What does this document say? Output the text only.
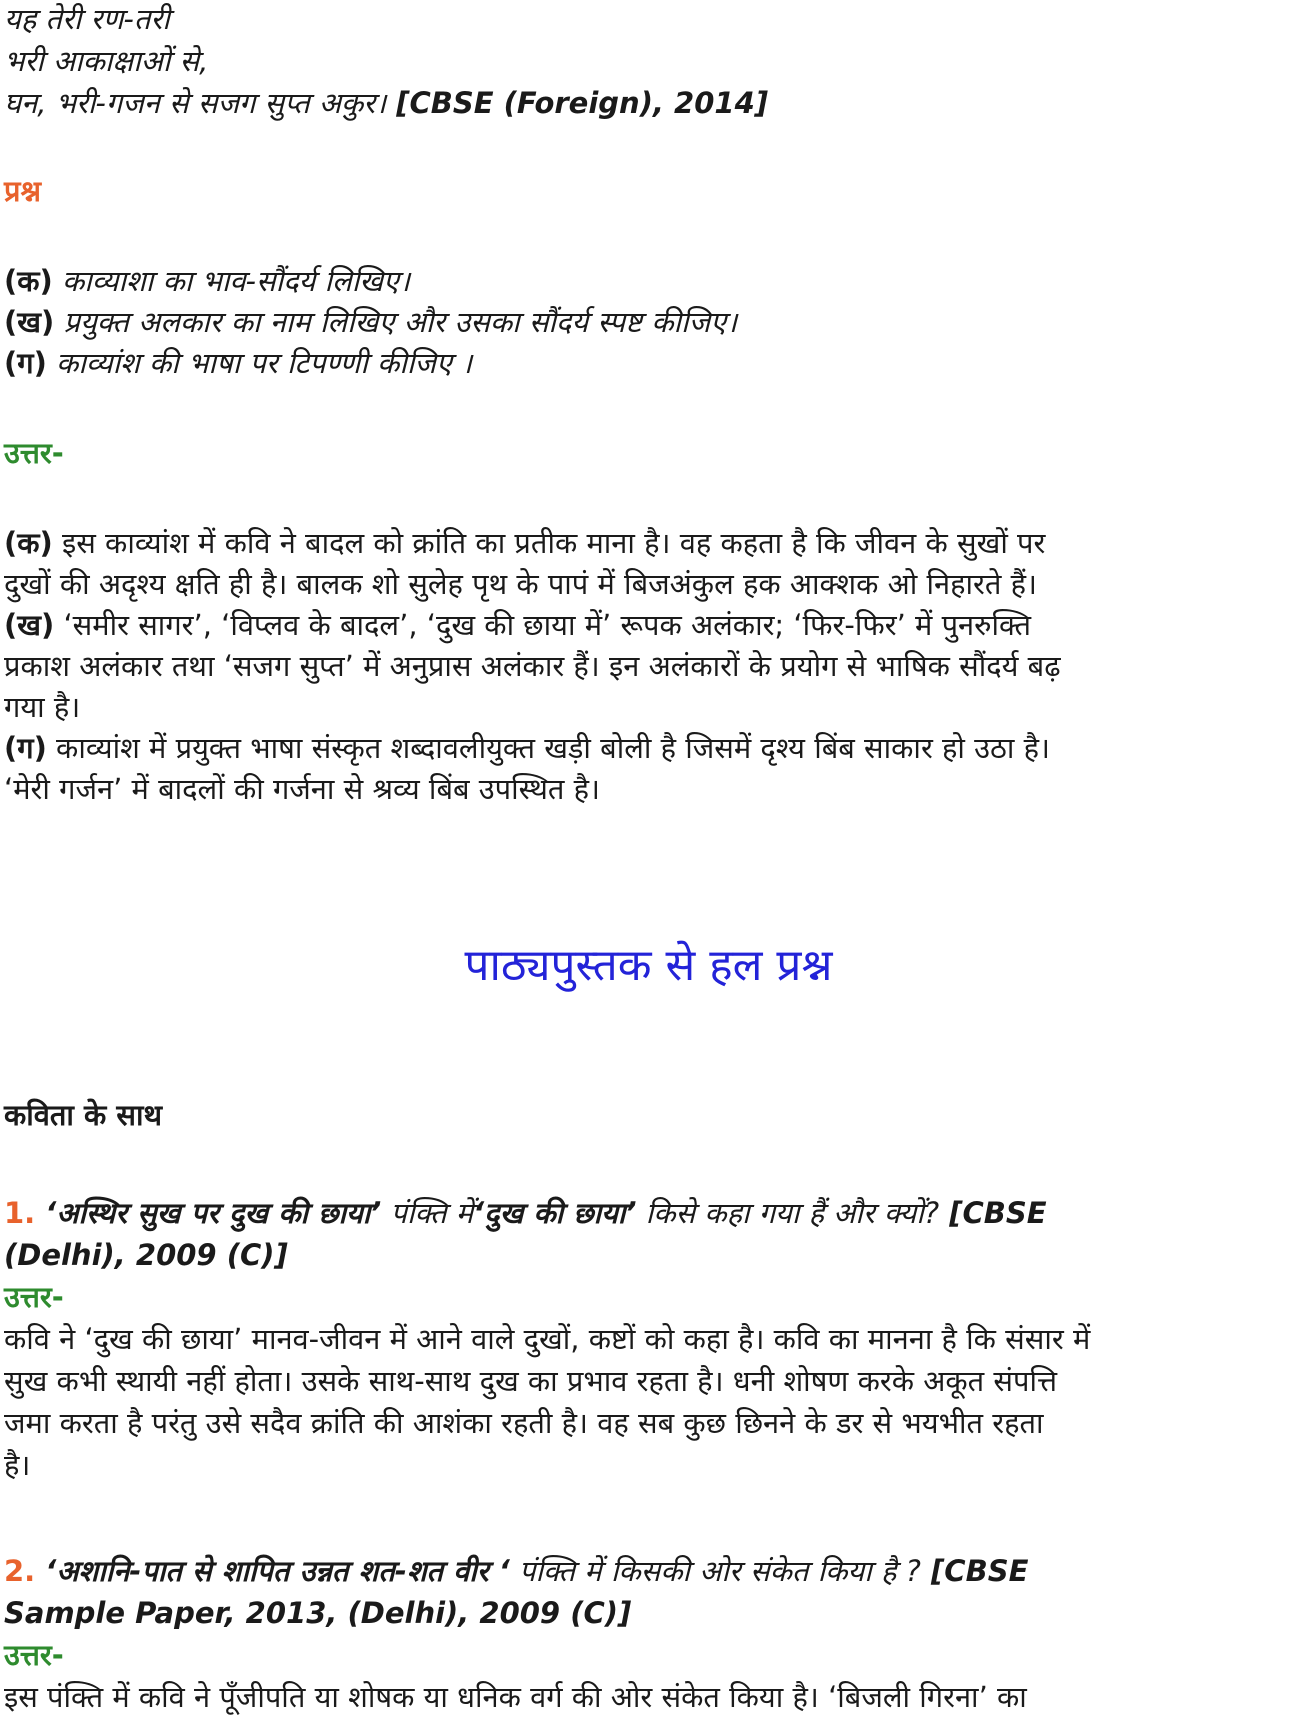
यह तेरी रण-तरी
भरी आकाक्षाओं से,
घन, भरी-गजन से सजग सुप्त अकुर। [CBSE (Foreign), 2014]
प्रश्न
(क) काव्याशा का भाव-सौंदर्य लिखिए।
(ख) प्रयुक्त अलकार का नाम लिखिए और उसका सौंदर्य स्पष्ट कीजिए।
(ग) काव्यांश की भाषा पर टिपण्णी कीजिए ।
उत्तर-
(क) इस काव्यांश में कवि ने बादल को क्रांति का प्रतीक माना है। वह कहता है कि जीवन के सुखों पर
दुखों की अदृश्य क्षति ही है। बालक शो सुलेह पृथ के पापं में बिजअंकुल हक आक्शक ओ निहारते हैं।
(ख) ‘समीर सागर’, ‘विप्लव के बादल’, ‘दुख की छाया में’ रूपक अलंकार; ‘फिर-फिर’ में पुनरुक्ति
प्रकाश अलंकार तथा ‘सजग सुप्त’ में अनुप्रास अलंकार हैं। इन अलंकारों के प्रयोग से भाषिक सौंदर्य बढ़
गया है।
(ग) काव्यांश में प्रयुक्त भाषा संस्कृत शब्दावलीयुक्त खड़ी बोली है जिसमें दृश्य बिंब साकार हो उठा है।
‘मेरी गर्जन’ में बादलों की गर्जना से श्रव्य बिंब उपस्थित है।
पाठ्यपुस्तक से हल प्रश्न
कविता के साथ
1. ‘अस्थिर सुख पर दुख की छाया’ पंक्ति में‘दुख की छाया’ किसे कहा गया हैं और क्यों? [CBSE
(Delhi), 2009 (C)]
उत्तर-
कवि ने ‘दुख की छाया’ मानव-जीवन में आने वाले दुखों, कष्टों को कहा है। कवि का मानना है कि संसार में
सुख कभी स्थायी नहीं होता। उसके साथ-साथ दुख का प्रभाव रहता है। धनी शोषण करके अकूत संपत्ति
जमा करता है परंतु उसे सदैव क्रांति की आशंका रहती है। वह सब कुछ छिनने के डर से भयभीत रहता
है।
2. ‘अशानि-पात से शापित उन्नत शत-शत वीर ‘ पंक्ति में किसकी ओर संकेत किया है ? [CBSE
Sample Paper, 2013, (Delhi), 2009 (C)]
उत्तर-
इस पंक्ति में कवि ने पूँजीपति या शोषक या धनिक वर्ग की ओर संकेत किया है। ‘बिजली गिरना’ का
